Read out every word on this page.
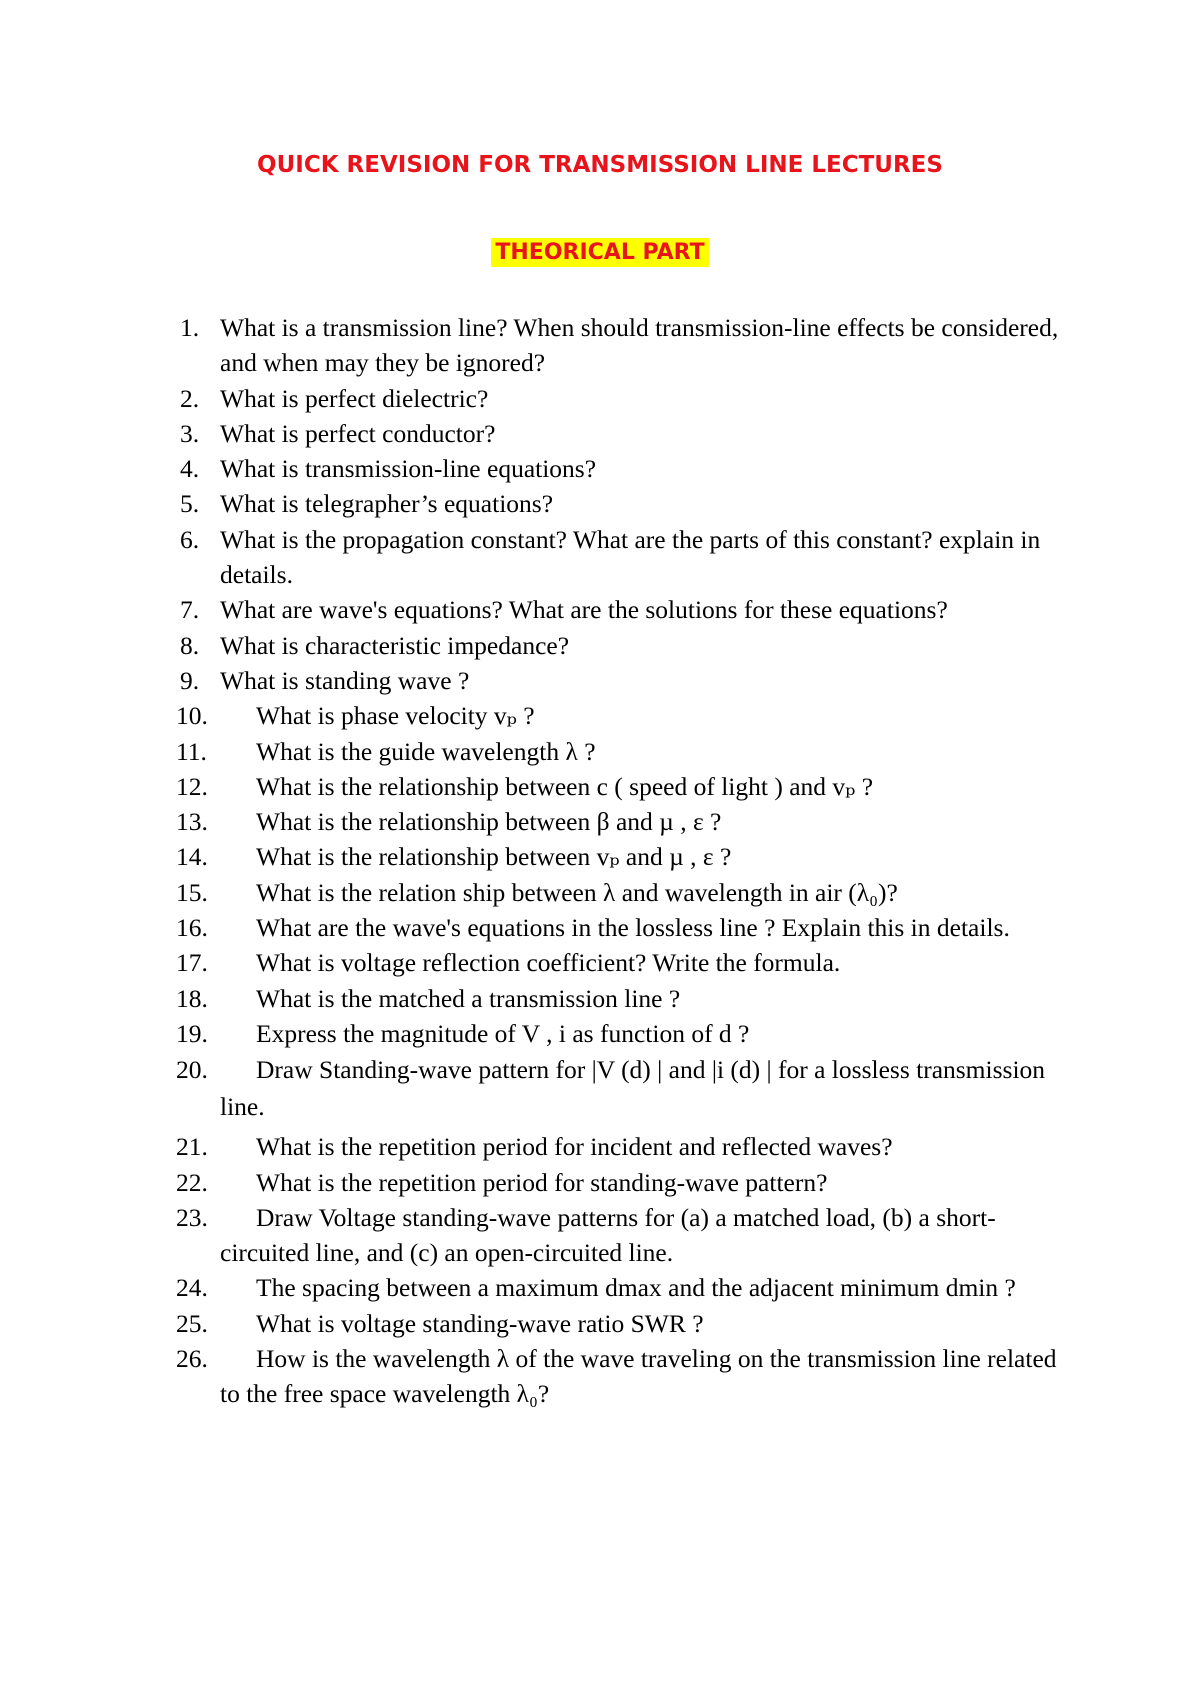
QUICK REVISION FOR TRANSMISSION LINE LECTURES
THEORICAL PART
1. What is a transmission line? When should transmission-line effects be considered, and when may they be ignored?
2. What is perfect dielectric?
3. What is perfect conductor?
4. What is transmission-line equations?
5. What is telegrapher’s equations?
6. What is the propagation constant? What are the parts of this constant? explain in details.
7. What are wave's equations? What are the solutions for these equations?
8. What is characteristic impedance?
9. What is standing wave ?
10. What is phase velocity vₚ ?
11. What is the guide wavelength λ ?
12. What is the relationship between c ( speed of light ) and vₚ ?
13. What is the relationship between β and µ , ε ?
14. What is the relationship between vₚ and µ , ε ?
15. What is the relation ship between λ and wavelength in air (λ₀)?
16. What are the wave's equations in the lossless line ? Explain this in details.
17. What is voltage reflection coefficient? Write the formula.
18. What is the matched a transmission line ?
19. Express the magnitude of V , i as function of d ?
20. Draw Standing-wave pattern for |V (d) | and |i (d) | for a lossless transmission line.
21. What is the repetition period for incident and reflected waves?
22. What is the repetition period for standing-wave pattern?
23. Draw Voltage standing-wave patterns for (a) a matched load, (b) a short-circuited line, and (c) an open-circuited line.
24. The spacing between a maximum dmax and the adjacent minimum dmin ?
25. What is voltage standing-wave ratio SWR ?
26. How is the wavelength λ of the wave traveling on the transmission line related to the free space wavelength λ₀?
